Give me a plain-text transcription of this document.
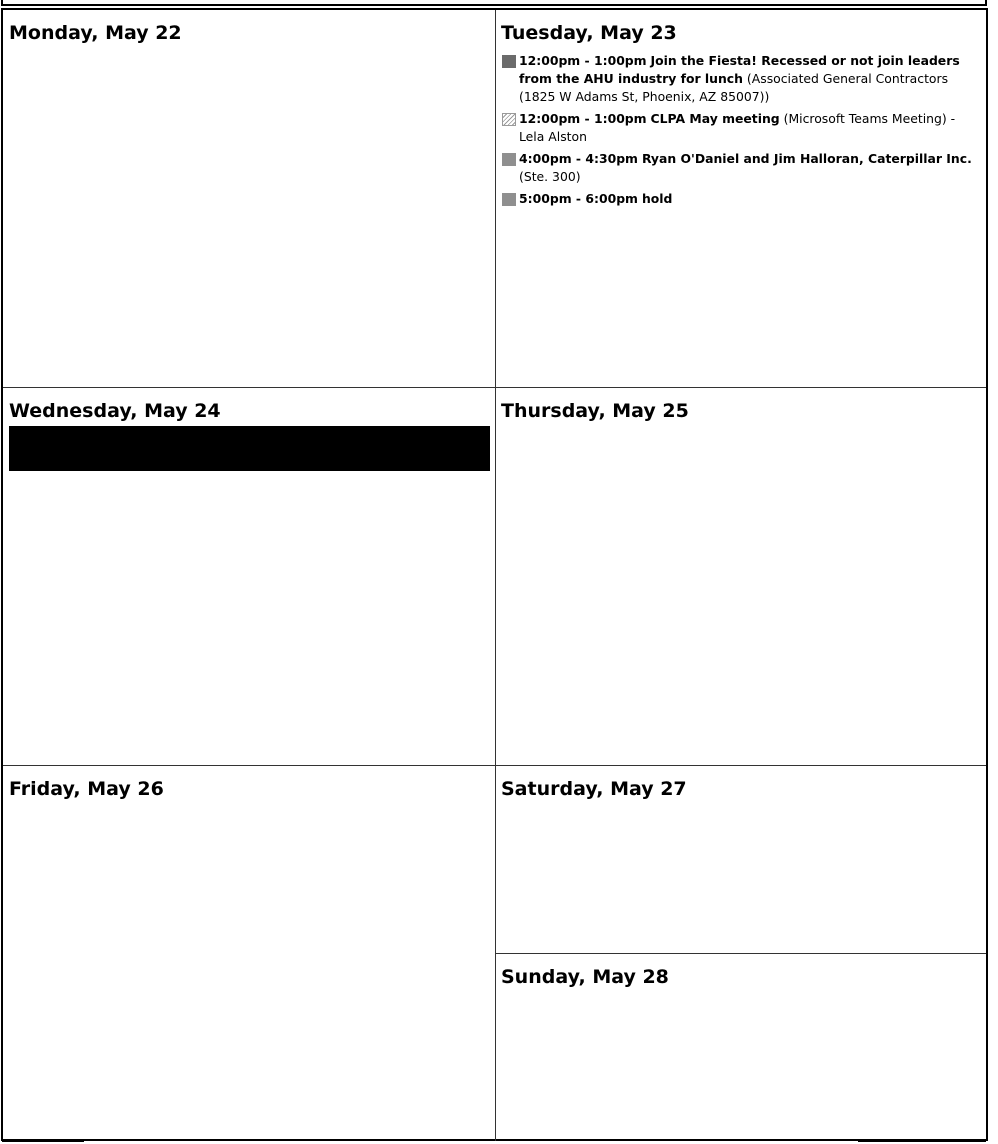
Monday, May 22	Tuesday, May 23
12:00pm - 1:00pm Join the Fiesta! Recessed or not join leaders from the AHU industry for lunch (Associated General Contractors (1825 W Adams St, Phoenix, AZ 85007))
12:00pm - 1:00pm CLPA May meeting (Microsoft Teams Meeting) - Lela Alston
4:00pm - 4:30pm Ryan O'Daniel and Jim Halloran, Caterpillar Inc. (Ste. 300)
5:00pm - 6:00pm hold
Wednesday, May 24	Thursday, May 25
Friday, May 26	Saturday, May 27
Sunday, May 28
